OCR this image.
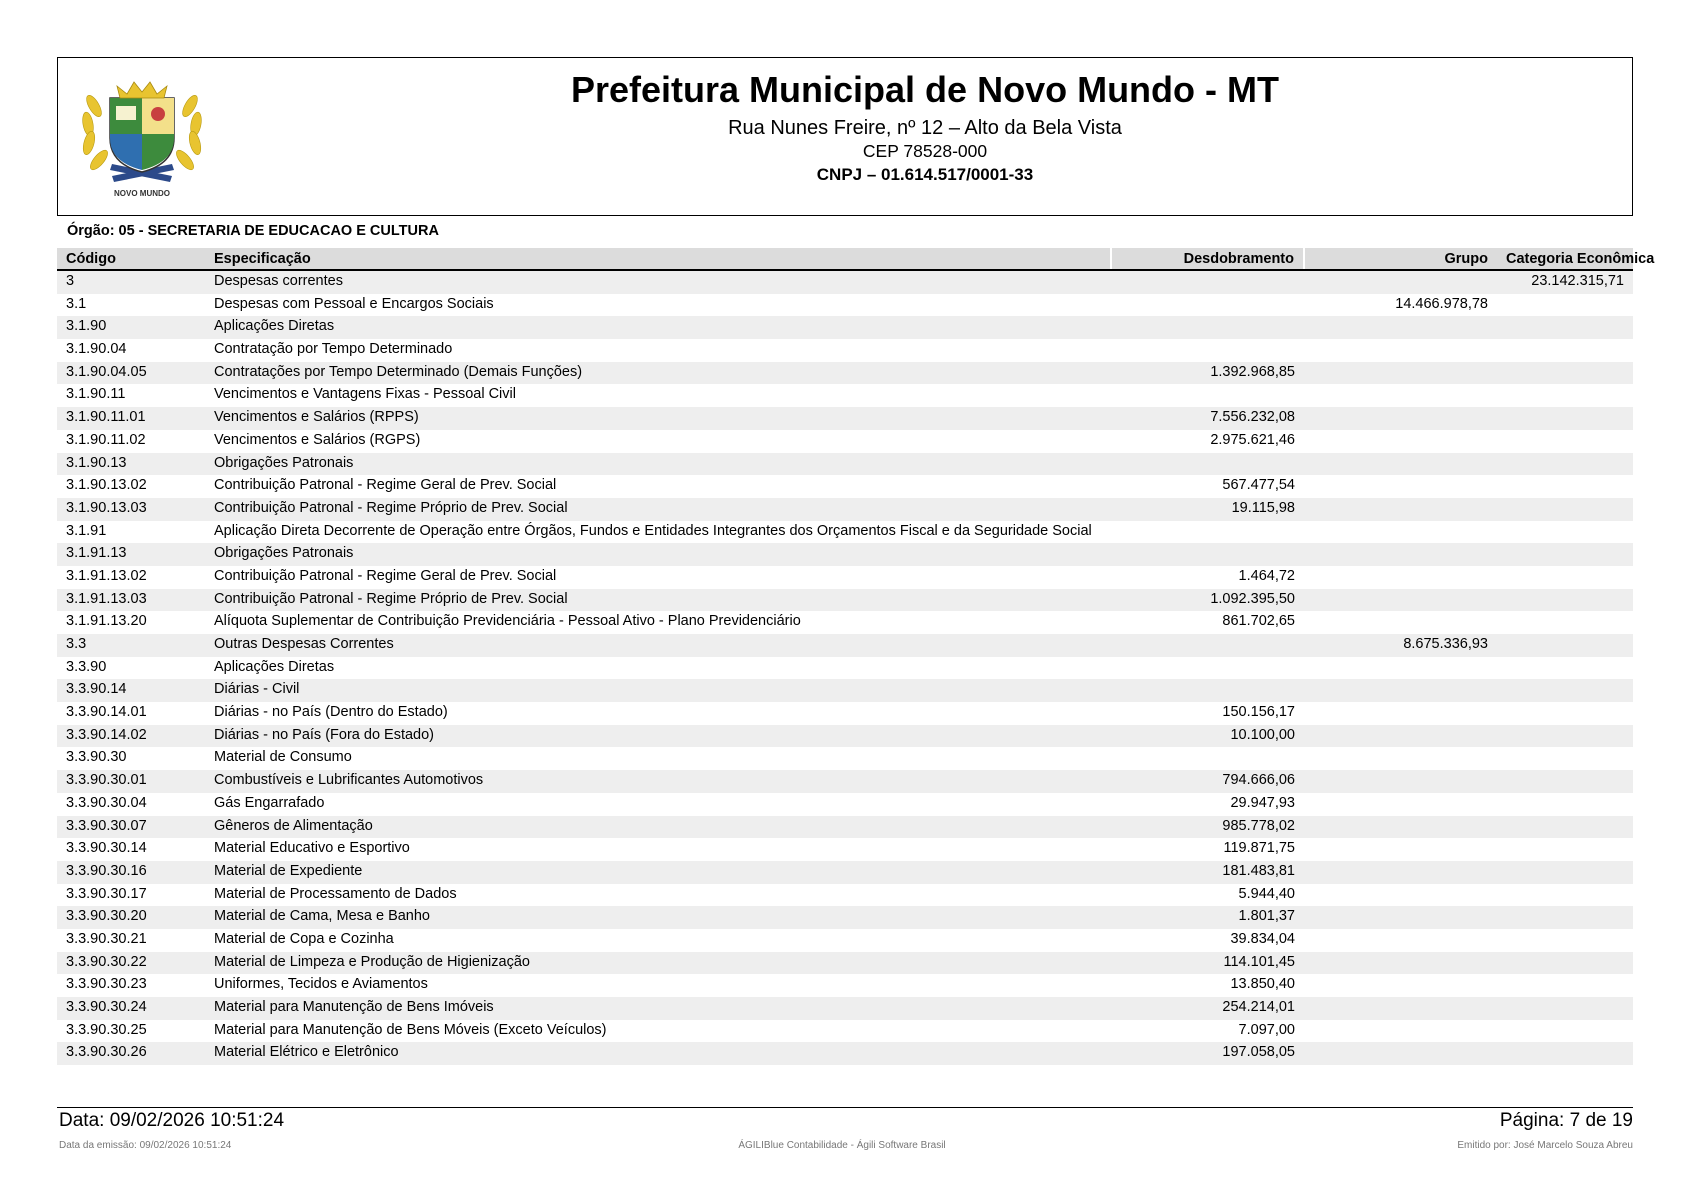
NOVO MUNDO
Prefeitura Municipal de Novo Mundo - MT
Rua Nunes Freire, nº 12 – Alto da Bela Vista
CEP 78528-000
CNPJ – 01.614.517/0001-33
Órgão: 05 - SECRETARIA DE EDUCACAO E CULTURA
Código	Especificação	Desdobramento	Grupo	Categoria Econômica
3	Despesas correntes			23.142.315,71
3.1	Despesas com Pessoal e Encargos Sociais		14.466.978,78	
3.1.90	Aplicações Diretas			
3.1.90.04	Contratação por Tempo Determinado			
3.1.90.04.05	Contratações por Tempo Determinado (Demais Funções)	1.392.968,85		
3.1.90.11	Vencimentos e Vantagens Fixas - Pessoal Civil			
3.1.90.11.01	Vencimentos e Salários (RPPS)	7.556.232,08		
3.1.90.11.02	Vencimentos e Salários (RGPS)	2.975.621,46		
3.1.90.13	Obrigações Patronais			
3.1.90.13.02	Contribuição Patronal - Regime Geral de Prev. Social	567.477,54		
3.1.90.13.03	Contribuição Patronal - Regime Próprio de Prev. Social	19.115,98		
3.1.91	Aplicação Direta Decorrente de Operação entre Órgãos, Fundos e Entidades Integrantes dos Orçamentos Fiscal e da Seguridade Social			
3.1.91.13	Obrigações Patronais			
3.1.91.13.02	Contribuição Patronal - Regime Geral de Prev. Social	1.464,72		
3.1.91.13.03	Contribuição Patronal - Regime Próprio de Prev. Social	1.092.395,50		
3.1.91.13.20	Alíquota Suplementar de Contribuição Previdenciária - Pessoal Ativo - Plano Previdenciário	861.702,65		
3.3	Outras Despesas Correntes		8.675.336,93	
3.3.90	Aplicações Diretas			
3.3.90.14	Diárias - Civil			
3.3.90.14.01	Diárias - no País (Dentro do Estado)	150.156,17		
3.3.90.14.02	Diárias - no País (Fora do Estado)	10.100,00		
3.3.90.30	Material de Consumo			
3.3.90.30.01	Combustíveis e Lubrificantes Automotivos	794.666,06		
3.3.90.30.04	Gás Engarrafado	29.947,93		
3.3.90.30.07	Gêneros de Alimentação	985.778,02		
3.3.90.30.14	Material Educativo e Esportivo	119.871,75		
3.3.90.30.16	Material de Expediente	181.483,81		
3.3.90.30.17	Material de Processamento de Dados	5.944,40		
3.3.90.30.20	Material de Cama, Mesa e Banho	1.801,37		
3.3.90.30.21	Material de Copa e Cozinha	39.834,04		
3.3.90.30.22	Material de Limpeza e Produção de Higienização	114.101,45		
3.3.90.30.23	Uniformes, Tecidos e Aviamentos	13.850,40		
3.3.90.30.24	Material para Manutenção de Bens Imóveis	254.214,01		
3.3.90.30.25	Material para Manutenção de Bens Móveis (Exceto Veículos)	7.097,00		
3.3.90.30.26	Material Elétrico e Eletrônico	197.058,05		
Data: 09/02/2026 10:51:24	Página: 7 de 19
Data da emissão: 09/02/2026 10:51:24	ÁGILIBlue Contabilidade - Ágili Software Brasil	Emitido por: José Marcelo Souza Abreu
